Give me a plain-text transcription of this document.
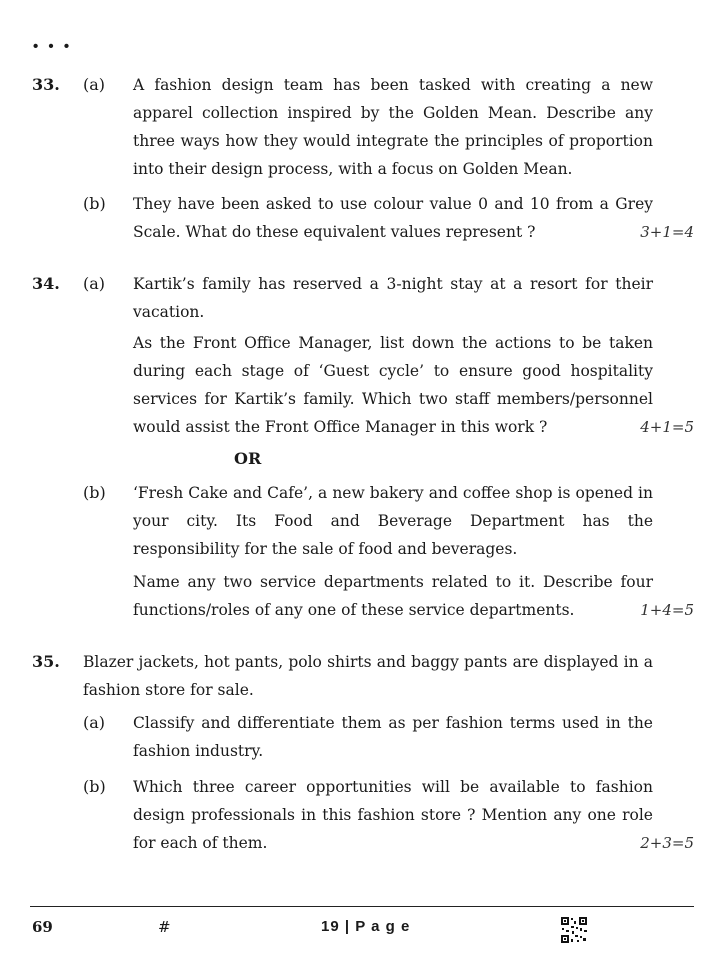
• • •
33. (a)	A fashion design team has been tasked with creating a new apparel collection inspired by the Golden Mean. Describe any three ways how they would integrate the principles of proportion into their design process, with a focus on Golden Mean.
(b)	They have been asked to use colour value 0 and 10 from a Grey Scale. What do these equivalent values represent ?	3+1=4
34. (a)	Kartik’s family has reserved a 3-night stay at a resort for their vacation.
As the Front Office Manager, list down the actions to be taken during each stage of ‘Guest cycle’ to ensure good hospitality services for Kartik’s family. Which two staff members/personnel would assist the Front Office Manager in this work ?	4+1=5
OR
(b)	‘Fresh Cake and Cafe’, a new bakery and coffee shop is opened in your city. Its Food and Beverage Department has the responsibility for the sale of food and beverages.
Name any two service departments related to it. Describe four functions/roles of any one of these service departments.	1+4=5
35. Blazer jackets, hot pants, polo shirts and baggy pants are displayed in a fashion store for sale.
(a)	Classify and differentiate them as per fashion terms used in the fashion industry.
(b)	Which three career opportunities will be available to fashion design professionals in this fashion store ? Mention any one role for each of them.	2+3=5
69	#	19 | P a g e
